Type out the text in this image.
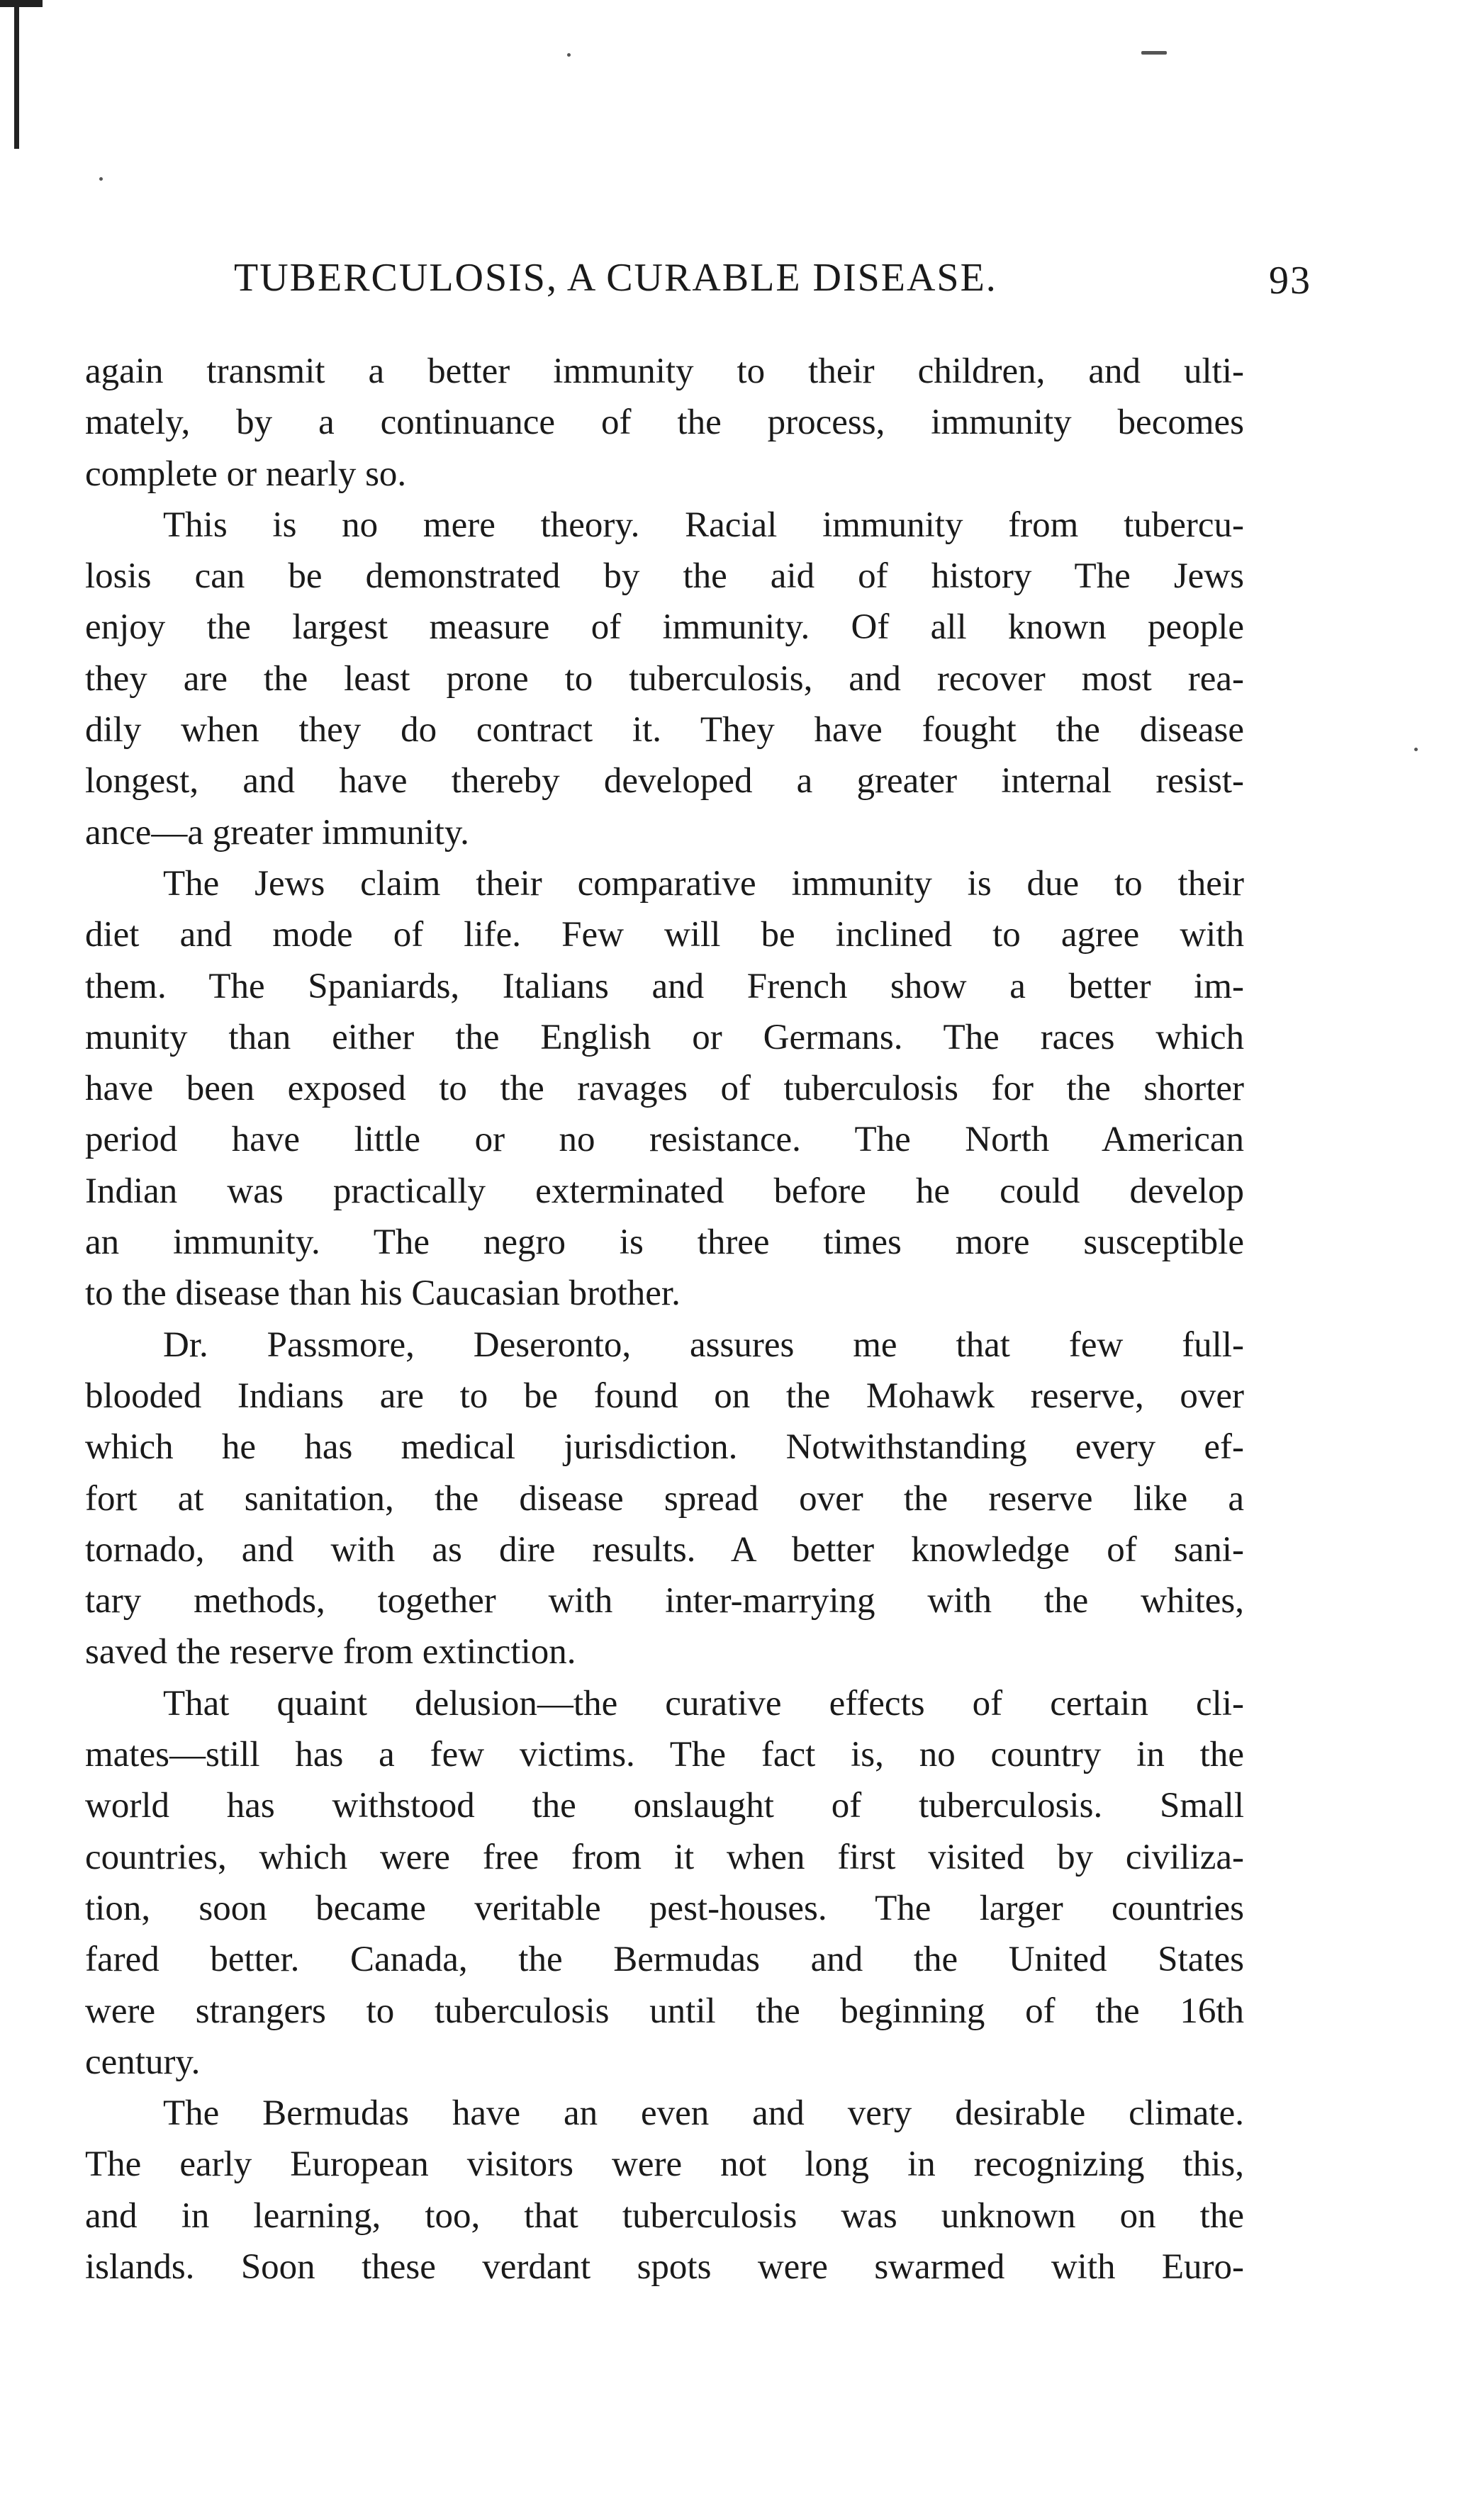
TUBERCULOSIS, A CURABLE DISEASE.	93
again transmit a better immunity to their children, and ulti-
mately, by a continuance of the process, immunity becomes
complete or nearly so.
This is no mere theory. Racial immunity from tubercu-
losis can be demonstrated by the aid of history The Jews
enjoy the largest measure of immunity. Of all known people
they are the least prone to tuberculosis, and recover most rea-
dily when they do contract it. They have fought the disease
longest, and have thereby developed a greater internal resist-
ance—a greater immunity.
The Jews claim their comparative immunity is due to their
diet and mode of life. Few will be inclined to agree with
them. The Spaniards, Italians and French show a better im-
munity than either the English or Germans. The races which
have been exposed to the ravages of tuberculosis for the shorter
period have little or no resistance. The North American
Indian was practically exterminated before he could develop
an immunity. The negro is three times more susceptible
to the disease than his Caucasian brother.
Dr. Passmore, Deseronto, assures me that few full-
blooded Indians are to be found on the Mohawk reserve, over
which he has medical jurisdiction. Notwithstanding every ef-
fort at sanitation, the disease spread over the reserve like a
tornado, and with as dire results. A better knowledge of sani-
tary methods, together with inter-marrying with the whites,
saved the reserve from extinction.
That quaint delusion—the curative effects of certain cli-
mates—still has a few victims. The fact is, no country in the
world has withstood the onslaught of tuberculosis. Small
countries, which were free from it when first visited by civiliza-
tion, soon became veritable pest-houses. The larger countries
fared better. Canada, the Bermudas and the United States
were strangers to tuberculosis until the beginning of the 16th
century.
The Bermudas have an even and very desirable climate.
The early European visitors were not long in recognizing this,
and in learning, too, that tuberculosis was unknown on the
islands. Soon these verdant spots were swarmed with Euro-
